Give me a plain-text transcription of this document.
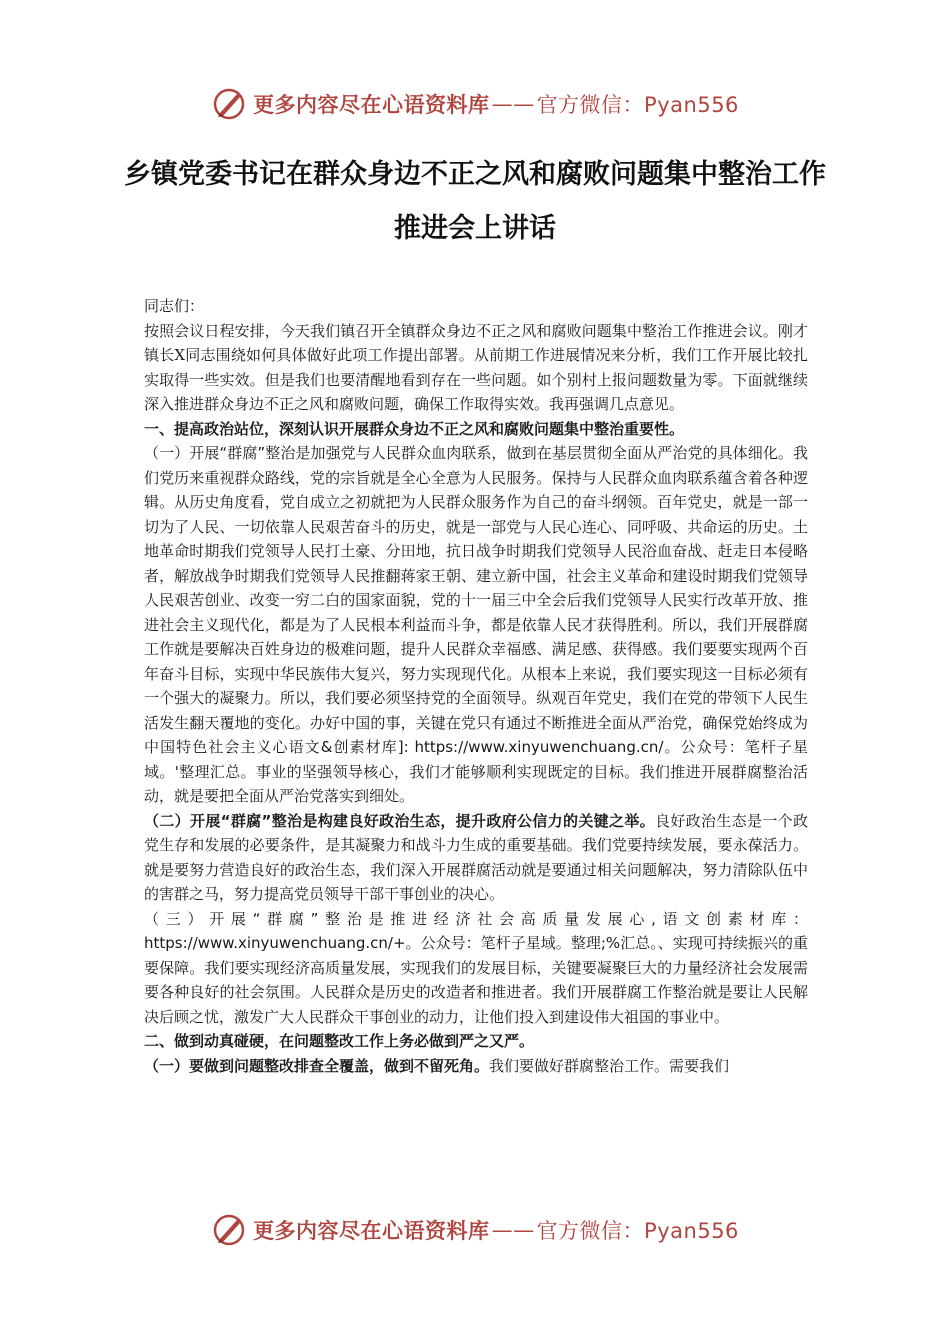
更多内容尽在心语资料库 —— 官方微信：Pyan556
乡镇党委书记在群众身边不正之风和腐败问题集中整治工作推进会上讲话

同志们：

按照会议日程安排，今天我们镇召开全镇群众身边不正之风和腐败问题集中整治工作推进会议。刚才镇长X同志围绕如何具体做好此项工作提出部署。从前期工作进展情况来分析，我们工作开展比较扎实取得一些实效。但是我们也要清醒地看到存在一些问题。如个别村上报问题数量为零。下面就继续深入推进群众身边不正之风和腐败问题，确保工作取得实效。我再强调几点意见。

一、提高政治站位，深刻认识开展群众身边不正之风和腐败问题集中整治重要性。

（一）开展“群腐”整治是加强党与人民群众血肉联系，做到在基层贯彻全面从严治党的具体细化。我们党历来重视群众路线，党的宗旨就是全心全意为人民服务。保持与人民群众血肉联系蕴含着各种逻辑。从历史角度看，党自成立之初就把为人民群众服务作为自己的奋斗纲领。百年党史，就是一部一切为了人民、一切依靠人民艰苦奋斗的历史，就是一部党与人民心连心、同呼吸、共命运的历史。土地革命时期我们党领导人民打土豪、分田地，抗日战争时期我们党领导人民浴血奋战、赶走日本侵略者，解放战争时期我们党领导人民推翻蒋家王朝、建立新中国，社会主义革命和建设时期我们党领导人民艰苦创业、改变一穷二白的国家面貌，党的十一届三中全会后我们党领导人民实行改革开放、推进社会主义现代化，都是为了人民根本利益而斗争，都是依靠人民才获得胜利。所以，我们开展群腐工作就是要解决百姓身边的极难问题，提升人民群众幸福感、满足感、获得感。我们要要实现两个百年奋斗目标，实现中华民族伟大复兴，努力实现现代化。从根本上来说，我们要实现这一目标必须有一个强大的凝聚力。所以，我们要必须坚持党的全面领导。纵观百年党史，我们在党的带领下人民生活发生翻天覆地的变化。办好中国的事，关键在党只有通过不断推进全面从严治党，确保党始终成为中国特色社会主义心语文&创素材库]: https://www.xinyuwenchuang.cn/。公众号：笔杆子星域。'整理汇总。事业的坚强领导核心，我们才能够顺利实现既定的目标。我们推进开展群腐整治活动，就是要把全面从严治党落实到细处。

（二）开展“群腐”整治是构建良好政治生态，提升政府公信力的关键之举。良好政治生态是一个政党生存和发展的必要条件，是其凝聚力和战斗力生成的重要基础。我们党要持续发展，要永葆活力。就是要努力营造良好的政治生态，我们深入开展群腐活动就是要通过相关问题解决，努力清除队伍中的害群之马，努力提高党员领导干部干事创业的决心。

（三）开展“群腐”整治是推进经济社会高质量发展心,语文创素材库：https://www.xinyuwenchuang.cn/+。公众号：笔杆子星域。整理;%汇总。、实现可持续振兴的重要保障。我们要实现经济高质量发展，实现我们的发展目标，关键要凝聚巨大的力量经济社会发展需要各种良好的社会氛围。人民群众是历史的改造者和推进者。我们开展群腐工作整治就是要让人民解决后顾之忧，激发广大人民群众干事创业的动力，让他们投入到建设伟大祖国的事业中。

二、做到动真碰硬，在问题整改工作上务必做到严之又严。

（一）要做到问题整改排查全覆盖，做到不留死角。我们要做好群腐整治工作。需要我们

更多内容尽在心语资料库 —— 官方微信：Pyan556
